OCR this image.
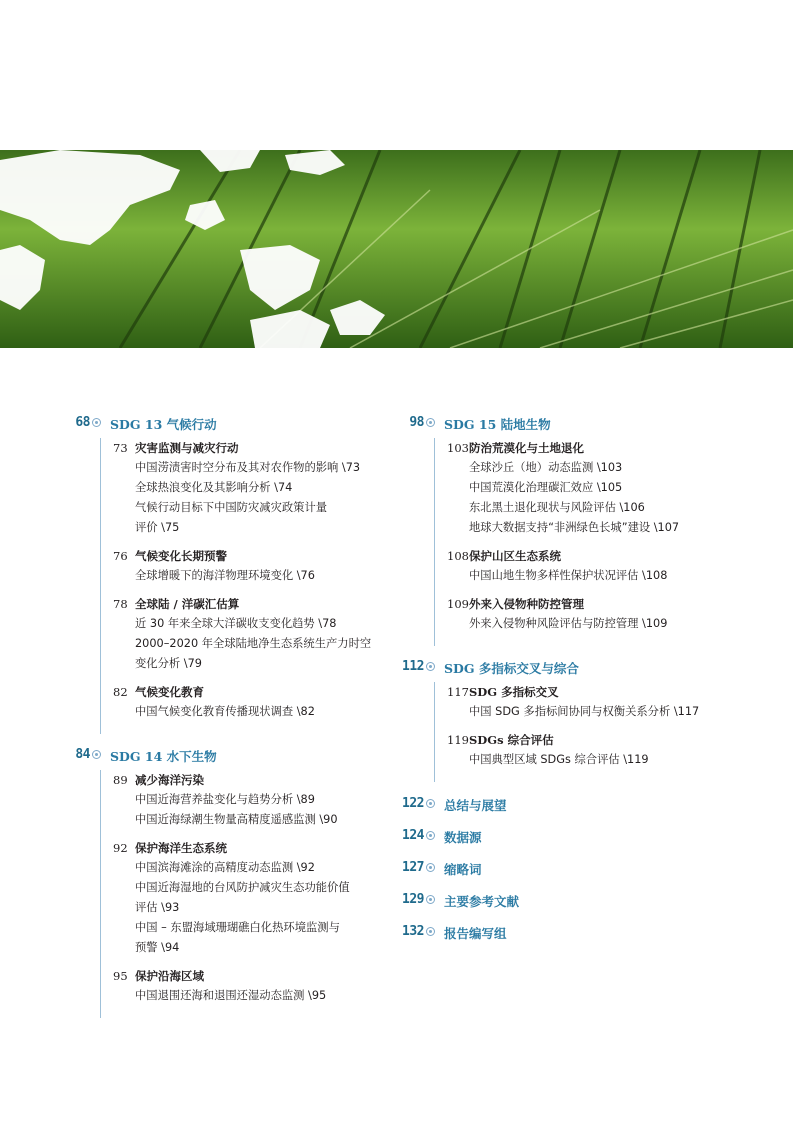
68 SDG 13 气候行动
73 灾害监测与减灾行动
中国涝渍害时空分布及其对农作物的影响 \73
全球热浪变化及其影响分析 \74
气候行动目标下中国防灾减灾政策计量
评价 \75
76 气候变化长期预警
全球增暖下的海洋物理环境变化 \76
78 全球陆 / 洋碳汇估算
近 30 年来全球大洋碳收支变化趋势 \78
2000–2020 年全球陆地净生态系统生产力时空
变化分析 \79
82 气候变化教育
中国气候变化教育传播现状调查 \82
84 SDG 14 水下生物
89 减少海洋污染
中国近海营养盐变化与趋势分析 \89
中国近海绿潮生物量高精度遥感监测 \90
92 保护海洋生态系统
中国滨海滩涂的高精度动态监测 \92
中国近海湿地的台风防护减灾生态功能价值
评估 \93
中国 – 东盟海域珊瑚礁白化热环境监测与
预警 \94
95 保护沿海区域
中国退围还海和退围还湿动态监测 \95
98 SDG 15 陆地生物
103防治荒漠化与土地退化
全球沙丘（地）动态监测 \103
中国荒漠化治理碳汇效应 \105
东北黑土退化现状与风险评估 \106
地球大数据支持“非洲绿色长城”建设 \107
108保护山区生态系统
中国山地生物多样性保护状况评估 \108
109外来入侵物种防控管理
外来入侵物种风险评估与防控管理 \109
112 SDG 多指标交叉与综合
117SDG 多指标交叉
中国 SDG 多指标间协同与权衡关系分析 \117
119SDGs 综合评估
中国典型区域 SDGs 综合评估 \119
122 总结与展望
124 数据源
127 缩略词
129 主要参考文献
132 报告编写组
